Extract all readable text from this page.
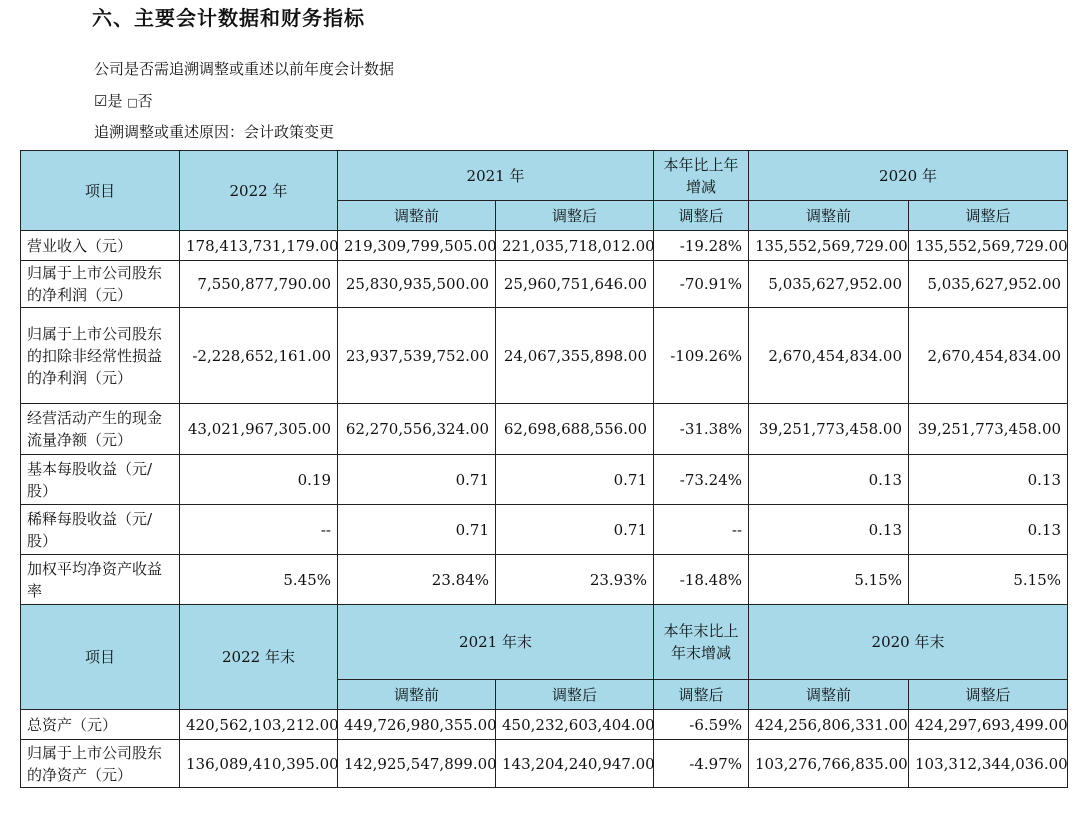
六、主要会计数据和财务指标
公司是否需追溯调整或重述以前年度会计数据
☑是 □否
追溯调整或重述原因：会计政策变更
项目	2022 年	2021 年		本年比上年增减	2020 年	
		调整前	调整后	调整后	调整前	调整后
营业收入（元）	178,413,731,179.00	219,309,799,505.00	221,035,718,012.00	-19.28%	135,552,569,729.00	135,552,569,729.00
归属于上市公司股东的净利润（元）	7,550,877,790.00	25,830,935,500.00	25,960,751,646.00	-70.91%	5,035,627,952.00	5,035,627,952.00
归属于上市公司股东的扣除非经常性损益的净利润（元）	-2,228,652,161.00	23,937,539,752.00	24,067,355,898.00	-109.26%	2,670,454,834.00	2,670,454,834.00
经营活动产生的现金流量净额（元）	43,021,967,305.00	62,270,556,324.00	62,698,688,556.00	-31.38%	39,251,773,458.00	39,251,773,458.00
基本每股收益（元/股）	0.19	0.71	0.71	-73.24%	0.13	0.13
稀释每股收益（元/股）	--	0.71	0.71	--	0.13	0.13
加权平均净资产收益率	5.45%	23.84%	23.93%	-18.48%	5.15%	5.15%
项目	2022 年末	2021 年末		本年末比上年末增减	2020 年末	
		调整前	调整后	调整后	调整前	调整后
总资产（元）	420,562,103,212.00	449,726,980,355.00	450,232,603,404.00	-6.59%	424,256,806,331.00	424,297,693,499.00
归属于上市公司股东的净资产（元）	136,089,410,395.00	142,925,547,899.00	143,204,240,947.00	-4.97%	103,276,766,835.00	103,312,344,036.00
